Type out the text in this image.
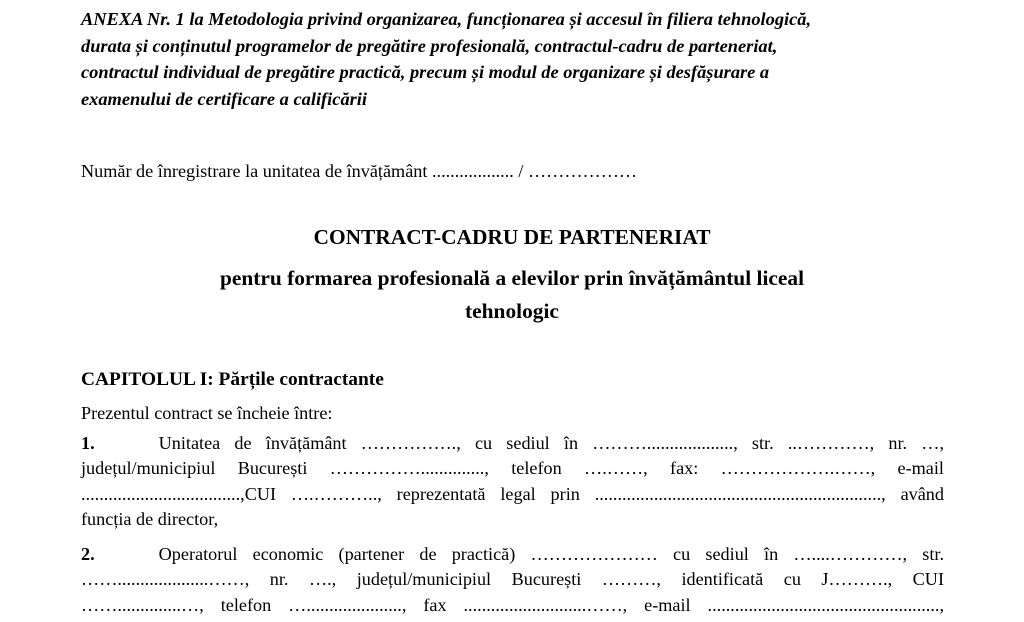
ANEXA Nr. 1 la Metodologia privind organizarea, funcționarea și accesul în filiera tehnologică,
durata și conținutul programelor de pregătire profesională, contractul-cadru de parteneriat,
contractul individual de pregătire practică, precum și modul de organizare și desfășurare a
examenului de certificare a calificării
Număr de înregistrare la unitatea de învățământ .................. / ………………
CONTRACT-CADRU DE PARTENERIAT
pentru formarea profesională a elevilor prin învățământul liceal
tehnologic
CAPITOLUL I: Părțile contractante
Prezentul contract se încheie între:
1.	Unitatea de învățământ ……………., cu sediul în ………..................., str. ..…………, nr. …,
județul/municipiul București …………….............., telefon ….……, fax: ……………….……, e-mail
...................................,CUI ….……….., reprezentată legal prin ..............................................................., având
funcția de director,
2.	Operatorul economic (partener de practică) ………………… cu sediul în …....…………, str.
……....................……, nr. …., județul/municipiul București ………, identificată cu J………., CUI
……..............…, telefon …....................., fax ...........................……, e-mail ...................................................,
